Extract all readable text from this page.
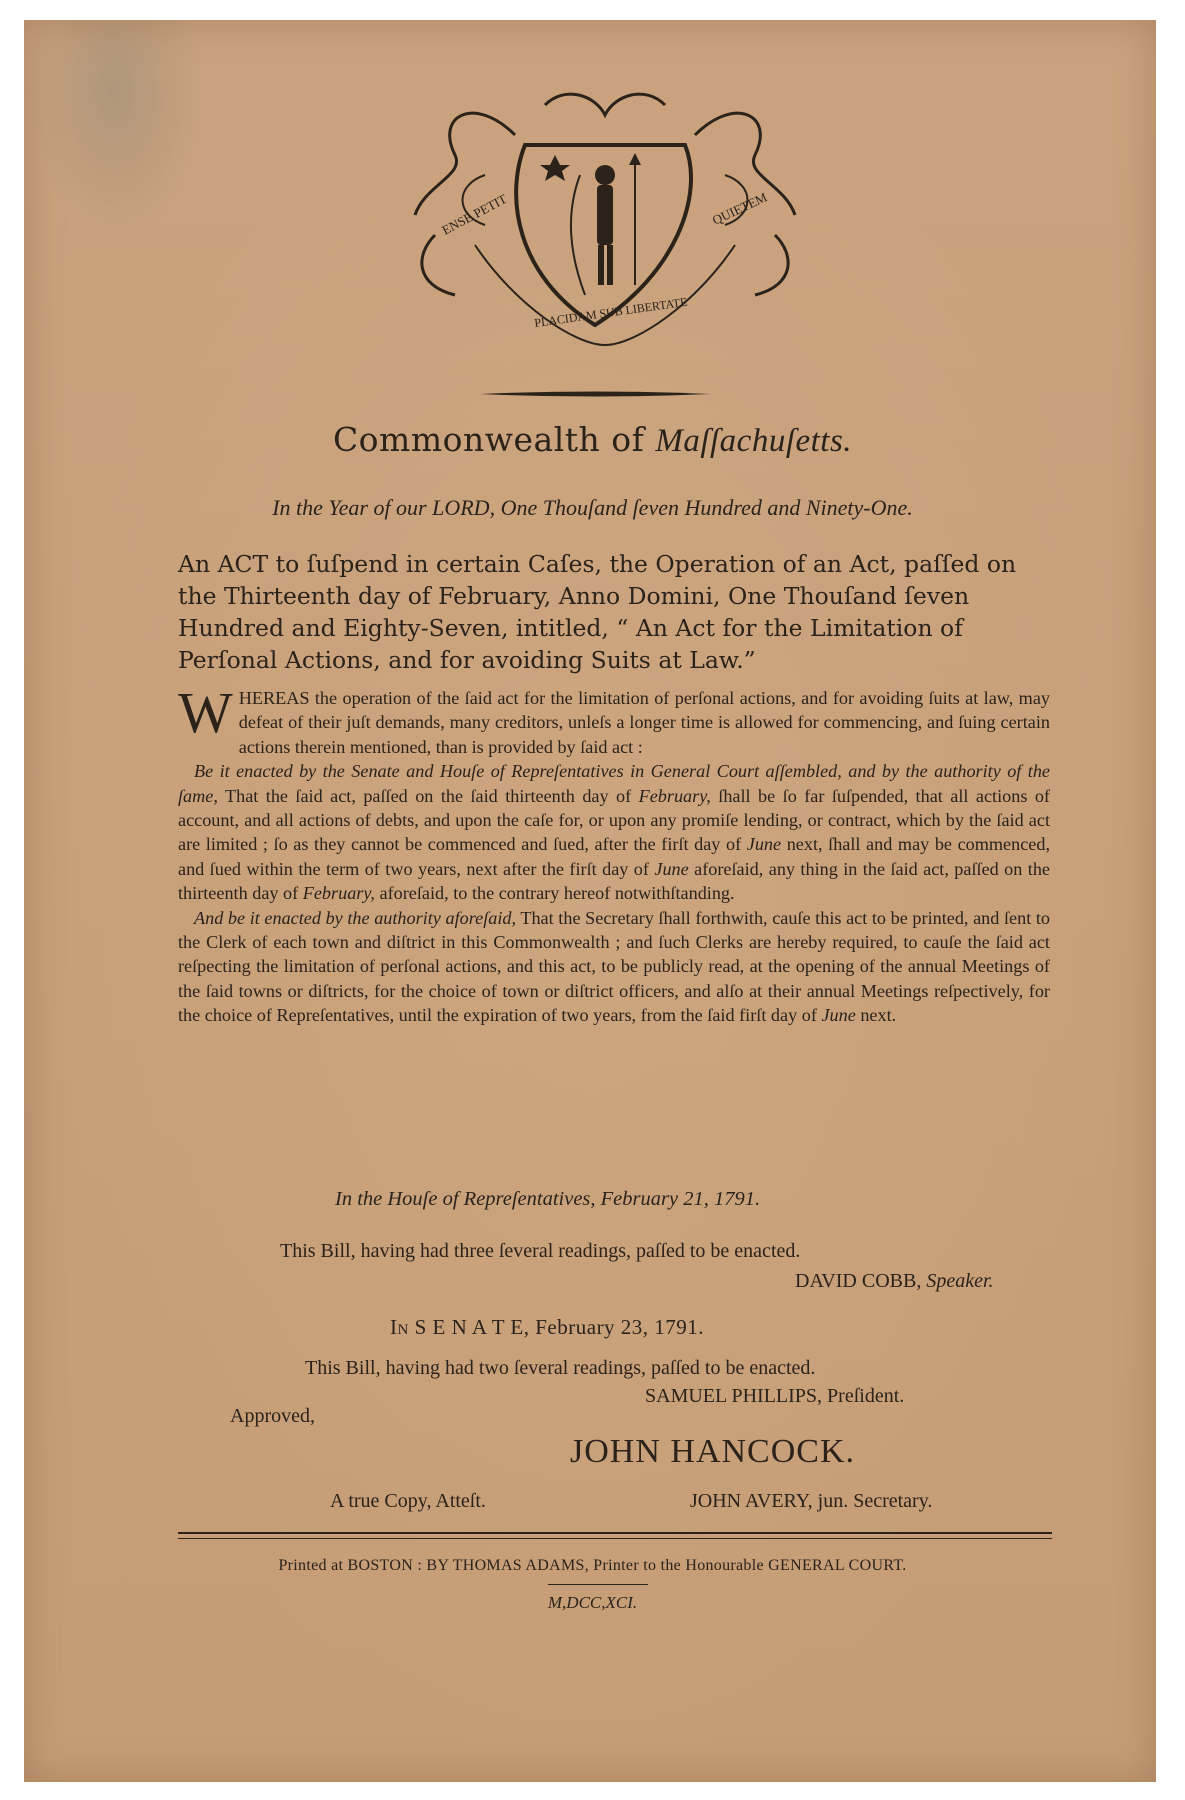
ENSE PETIT
PLACIDAM SUB LIBERTATE
QUIETEM
Commonwealth of Maſſachuſetts.
In the Year of our LORD, One Thouſand ſeven Hundred and Ninety-One.
An ACT to ſuſpend in certain Caſes, the Operation of an Act, paſſed on the Thirteenth day of February, Anno Domini, One Thouſand ſeven Hundred and Eighty-Seven, intitled, “ An Act for the Limitation of Perſonal Actions, and for avoiding Suits at Law.”

WHEREAS the operation of the ſaid act for the limitation of perſonal actions, and for avoiding ſuits at law, may defeat of their juſt demands, many creditors, unleſs a longer time is allowed for commencing, and ſuing certain actions therein mentioned, than is provided by ſaid act :

Be it enacted by the Senate and Houſe of Repreſentatives in General Court aſſembled, and by the authority of the ſame, That the ſaid act, paſſed on the ſaid thirteenth day of February, ſhall be ſo far ſuſpended, that all actions of account, and all actions of debts, and upon the caſe for, or upon any promiſe lending, or contract, which by the ſaid act are limited ; ſo as they cannot be commenced and ſued, after the firſt day of June next, ſhall and may be commenced, and ſued within the term of two years, next after the firſt day of June aforeſaid, any thing in the ſaid act, paſſed on the thirteenth day of February, aforeſaid, to the contrary hereof notwithſtanding.

And be it enacted by the authority aforeſaid, That the Secretary ſhall forthwith, cauſe this act to be printed, and ſent to the Clerk of each town and diſtrict in this Commonwealth ; and ſuch Clerks are hereby required, to cauſe the ſaid act reſpecting the limitation of perſonal actions, and this act, to be publicly read, at the opening of the annual Meetings of the ſaid towns or diſtricts, for the choice of town or diſtrict officers, and alſo at their annual Meetings reſpectively, for the choice of Repreſentatives, until the expiration of two years, from the ſaid firſt day of June next.

In the Houſe of Repreſentatives, February 21, 1791.
This Bill, having had three ſeveral readings, paſſed to be enacted.
DAVID COBB, Speaker.
In S E N A T E, February 23, 1791.
This Bill, having had two ſeveral readings, paſſed to be enacted.
SAMUEL PHILLIPS, Preſident.
Approved,
JOHN HANCOCK.
A true Copy, Atteſt.	JOHN AVERY, jun. Secretary.
Printed at BOSTON : BY THOMAS ADAMS, Printer to the Honourable GENERAL COURT.
M,DCC,XCI.
